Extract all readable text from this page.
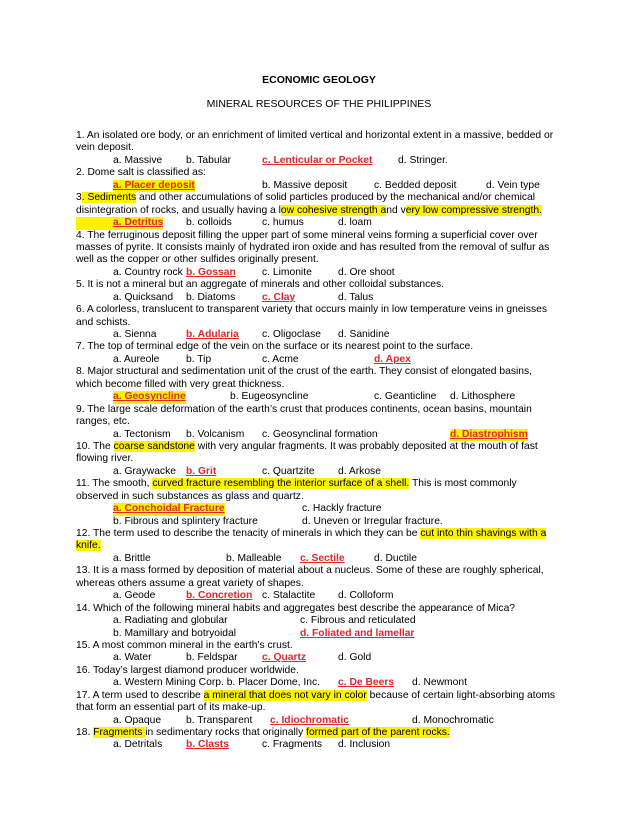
ECONOMIC GEOLOGY
MINERAL RESOURCES OF THE PHILIPPINES
1. An isolated ore body, or an enrichment of limited vertical and horizontal extent in a massive, bedded or
vein deposit.
a. Massive b. Tabular	c. Lenticular or Pocket d. Stringer.
2. Dome salt is classified as:
a. Placer deposit	b. Massive deposit	c. Bedded deposit	d. Vein type
3. Sediments and other accumulations of solid particles produced by the mechanical and/or chemical
disintegration of rocks, and usually having a low cohesive strength and very low compressive strength.

a. Detritus b. colloids	c. humus	d. loam
4. The ferruginous deposit filling the upper part of some mineral veins forming a superficial cover over
masses of pyrite. It consists mainly of hydrated iron oxide and has resulted from the removal of sulfur as
well as the copper or other sulfides originally present.
a. Country rock b. Gossan	c. Limonite	d. Ore shoot
5. It is not a mineral but an aggregate of minerals and other colloidal substances.
a. Quicksand b. Diatoms	c. Clay	d. Talus
6. A colorless, translucent to transparent variety that occurs mainly in low temperature veins in gneisses
and schists.
a. Sienna	b. Adularia c. Oligoclase d. Sanidine
7. The top of terminal edge of the vein on the surface or its nearest point to the surface.
a. Aureole	b. Tip	c. Acme	d. Apex
8. Major structural and sedimentation unit of the crust of the earth. They consist of elongated basins,
which become filled with very great thickness.
a. Geosyncline	b. Eugeosyncline	c. Geanticline d. Lithosphere
9. The large scale deformation of the earth’s crust that produces continents, ocean basins, mountain
ranges, etc.
a. Tectonism b. Volcanism c. Geosynclinal formation	d. Diastrophism
10. The coarse sandstone with very angular fragments. It was probably deposited at the mouth of fast
flowing river.
a. Graywacke b. Grit	c. Quartzite d. Arkose
11. The smooth, curved fracture resembling the interior surface of a shell. This is most commonly
observed in such substances as glass and quartz.
a. Conchoidal Fracture	c. Hackly fracture
b. Fibrous and splintery fracture	d. Uneven or Irregular fracture.
12. The term used to describe the tenacity of minerals in which they can be cut into thin shavings with a
knife.
a. Brittle	b. Malleable c. Sectile	d. Ductile
13. It is a mass formed by deposition of material about a nucleus. Some of these are roughly spherical,
whereas others assume a great variety of shapes.
a. Geode	b. Concretion c. Stalactite d. Colloform
14. Which of the following mineral habits and aggregates best describe the appearance of Mica?
a. Radiating and globular	c. Fibrous and reticulated
b. Mamillary and botryoidal	d. Foliated and lamellar
15. A most common mineral in the earth’s crust.
a. Water	b. Feldspar c. Quartz	d. Gold
16. Today’s largest diamond producer worldwide.
a. Western Mining Corp. b. Placer Dome, Inc. c. De Beers d. Newmont
17. A term used to describe a mineral that does not vary in color because of certain light-absorbing atoms
that form an essential part of its make-up.
a. Opaque b. Transparent c. Idiochromatic	d. Monochromatic
18. Fragments in sedimentary rocks that originally formed part of the parent rocks.
a. Detritals b. Clasts	c. Fragments d. Inclusion
